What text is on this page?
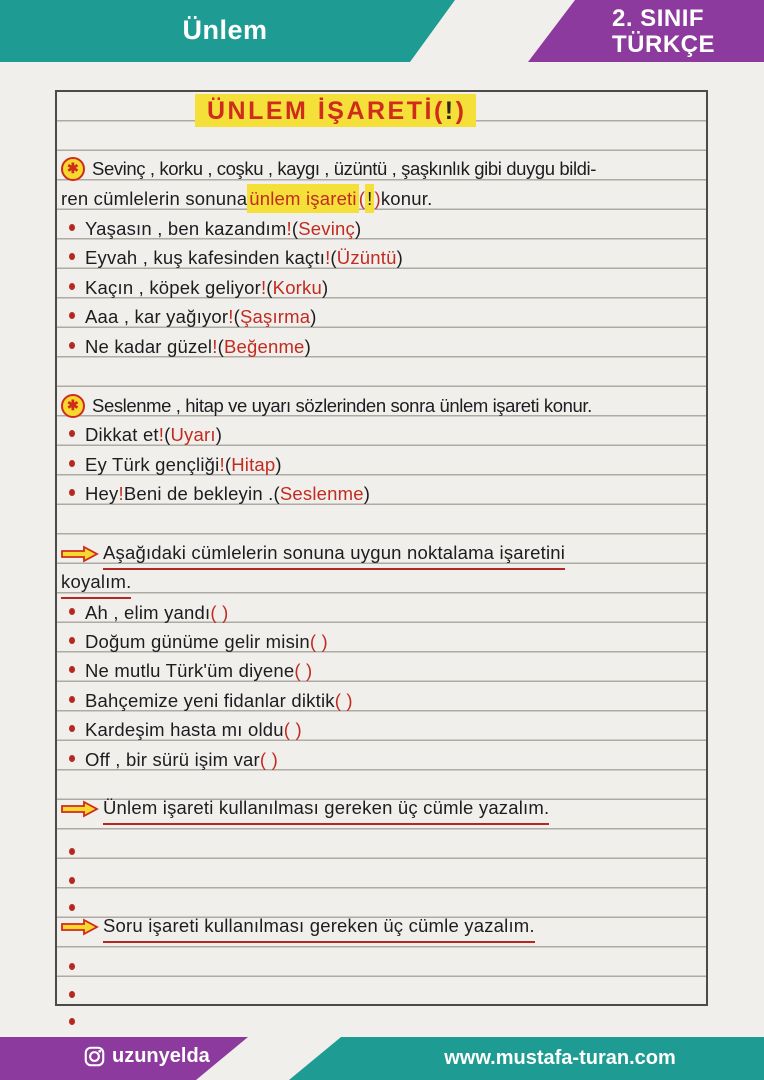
Ünlem	2. SINIF
TÜRKÇE
ÜNLEM İŞARETİ(!)
✱ Sevinç , korku , coşku , kaygı , üzüntü , şaşkınlık gibi duygu bildi-
ren cümlelerin sonuna ünlem işareti ( ! ) konur.
Yaşasın , ben kazandım ! ( Sevinç )
Eyvah , kuş kafesinden kaçtı ! ( Üzüntü )
Kaçın , köpek geliyor ! ( Korku )
Aaa , kar yağıyor ! ( Şaşırma )
Ne kadar güzel ! ( Beğenme )
✱ Seslenme , hitap ve uyarı sözlerinden sonra ünlem işareti konur.
Dikkat et ! ( Uyarı )
Ey Türk gençliği ! ( Hitap )
Hey ! Beni de bekleyin . ( Seslenme )
Aşağıdaki cümlelerin sonuna uygun noktalama işaretini
koyalım.
Ah , elim yandı ( )
Doğum günüme gelir misin ( )
Ne mutlu Türk'üm diyene ( )
Bahçemize yeni fidanlar diktik ( )
Kardeşim hasta mı oldu ( )
Off , bir sürü işim var ( )
Ünlem işareti kullanılması gereken üç cümle yazalım.
Soru işareti kullanılması gereken üç cümle yazalım.
uzunyelda	www.mustafa-turan.com
